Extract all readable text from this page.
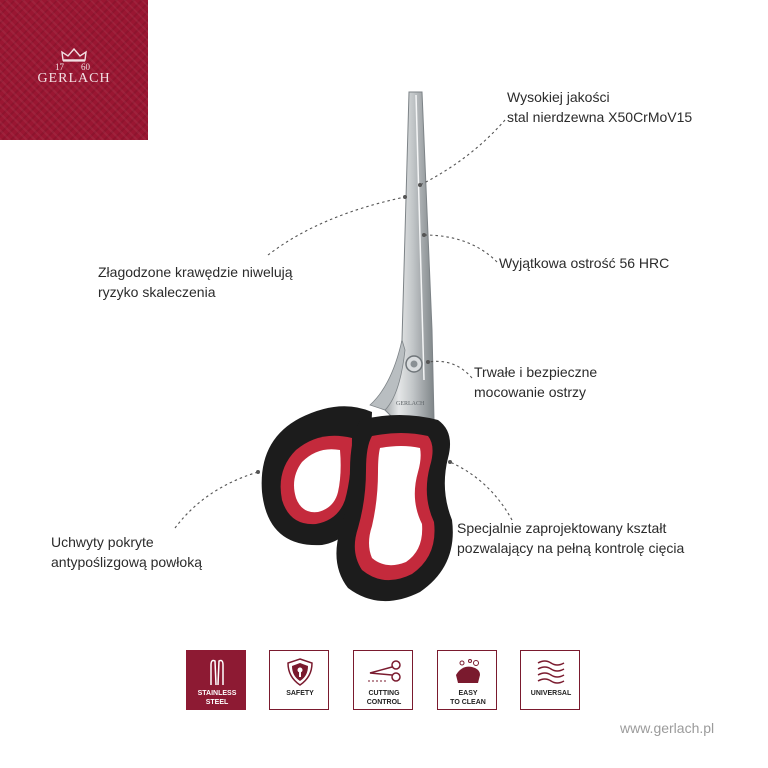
17 60
GERLACH
GERLACH
Wysokiej jakości
stal nierdzewna X50CrMoV15
Złagodzone krawędzie niwelują
ryzyko skaleczenia
Wyjątkowa ostrość 56 HRC
Trwałe i bezpieczne
mocowanie ostrzy
Uchwyty pokryte
antypoślizgową powłoką
Specjalnie zaprojektowany kształt
pozwalający na pełną kontrolę cięcia
STAINLESS
STEEL
SAFETY	CUTTING
CONTROL
EASY
TO CLEAN
UNIVERSAL
www.gerlach.pl
